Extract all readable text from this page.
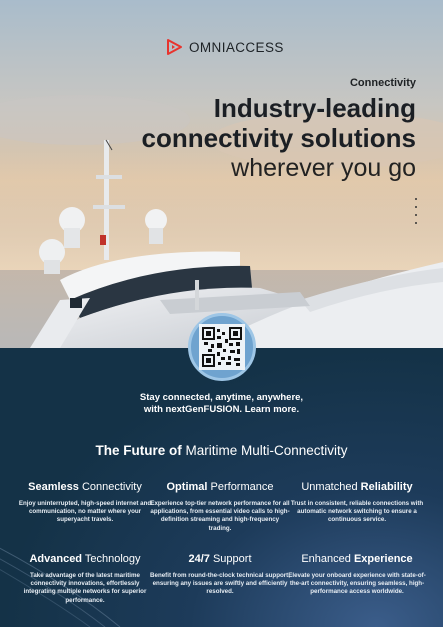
OMNIACCESS
Connectivity
Industry-leading
connectivity solutions
wherever you go
Stay connected, anytime, anywhere,
with nextGenFUSION. Learn more.
The Future of Maritime Multi-Connectivity
Seamless Connectivity
Enjoy uninterrupted, high-speed internet and communication, no matter where your superyacht travels.
Optimal Performance
Experience top-tier network performance for all applications, from essential video calls to high-definition streaming and high-frequency trading.
Unmatched Reliability
Trust in consistent, reliable connections with automatic network switching to ensure a continuous service.
Advanced Technology
Take advantage of the latest maritime connectivity innovations, effortlessly integrating multiple networks for superior performance.
24/7 Support
Benefit from round-the-clock technical support, ensuring any issues are swiftly and efficiently resolved.
Enhanced Experience
Elevate your onboard experience with state-of-the-art connectivity, ensuring seamless, high-performance access worldwide.
